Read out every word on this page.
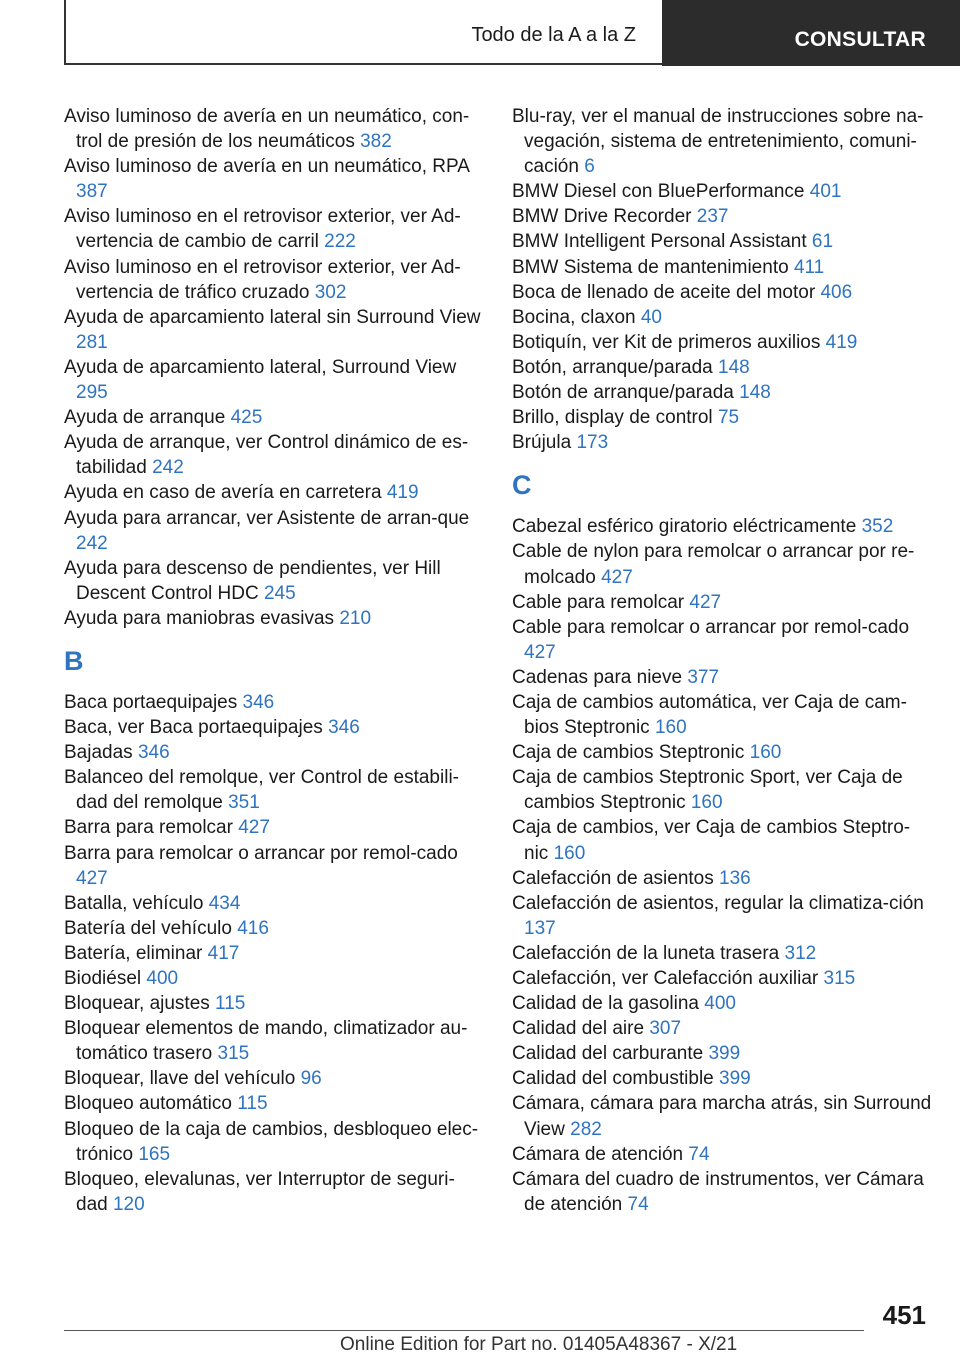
Todo de la A a la Z	CONSULTAR

Aviso luminoso de avería en un neumático, con-trol de presión de los neumáticos 382

Aviso luminoso de avería en un neumático, RPA 387

Aviso luminoso en el retrovisor exterior, ver Ad-vertencia de cambio de carril 222

Aviso luminoso en el retrovisor exterior, ver Ad-vertencia de tráfico cruzado 302

Ayuda de aparcamiento lateral sin Surround View 281

Ayuda de aparcamiento lateral, Surround View 295

Ayuda de arranque 425

Ayuda de arranque, ver Control dinámico de es-tabilidad 242

Ayuda en caso de avería en carretera 419

Ayuda para arrancar, ver Asistente de arran-que 242

Ayuda para descenso de pendientes, ver Hill Descent Control HDC 245

Ayuda para maniobras evasivas 210

B

Baca portaequipajes 346

Baca, ver Baca portaequipajes 346

Bajadas 346

Balanceo del remolque, ver Control de estabili-dad del remolque 351

Barra para remolcar 427

Barra para remolcar o arrancar por remol-cado 427

Batalla, vehículo 434

Batería del vehículo 416

Batería, eliminar 417

Biodiésel 400

Bloquear, ajustes 115

Bloquear elementos de mando, climatizador au-tomático trasero 315

Bloquear, llave del vehículo 96

Bloqueo automático 115

Bloqueo de la caja de cambios, desbloqueo elec-trónico 165

Bloqueo, elevalunas, ver Interruptor de seguri-dad 120

Blu-ray, ver el manual de instrucciones sobre na-vegación, sistema de entretenimiento, comuni-cación 6

BMW Diesel con BluePerformance 401

BMW Drive Recorder 237

BMW Intelligent Personal Assistant 61

BMW Sistema de mantenimiento 411

Boca de llenado de aceite del motor 406

Bocina, claxon 40

Botiquín, ver Kit de primeros auxilios 419

Botón, arranque/parada 148

Botón de arranque/parada 148

Brillo, display de control 75

Brújula 173

C

Cabezal esférico giratorio eléctricamente 352

Cable de nylon para remolcar o arrancar por re-molcado 427

Cable para remolcar 427

Cable para remolcar o arrancar por remol-cado 427

Cadenas para nieve 377

Caja de cambios automática, ver Caja de cam-bios Steptronic 160

Caja de cambios Steptronic 160

Caja de cambios Steptronic Sport, ver Caja de cambios Steptronic 160

Caja de cambios, ver Caja de cambios Steptro-nic 160

Calefacción de asientos 136

Calefacción de asientos, regular la climatiza-ción 137

Calefacción de la luneta trasera 312

Calefacción, ver Calefacción auxiliar 315

Calidad de la gasolina 400

Calidad del aire 307

Calidad del carburante 399

Calidad del combustible 399

Cámara, cámara para marcha atrás, sin Surround View 282

Cámara de atención 74

Cámara del cuadro de instrumentos, ver Cámara de atención 74

451
Online Edition for Part no. 01405A48367 - X/21
